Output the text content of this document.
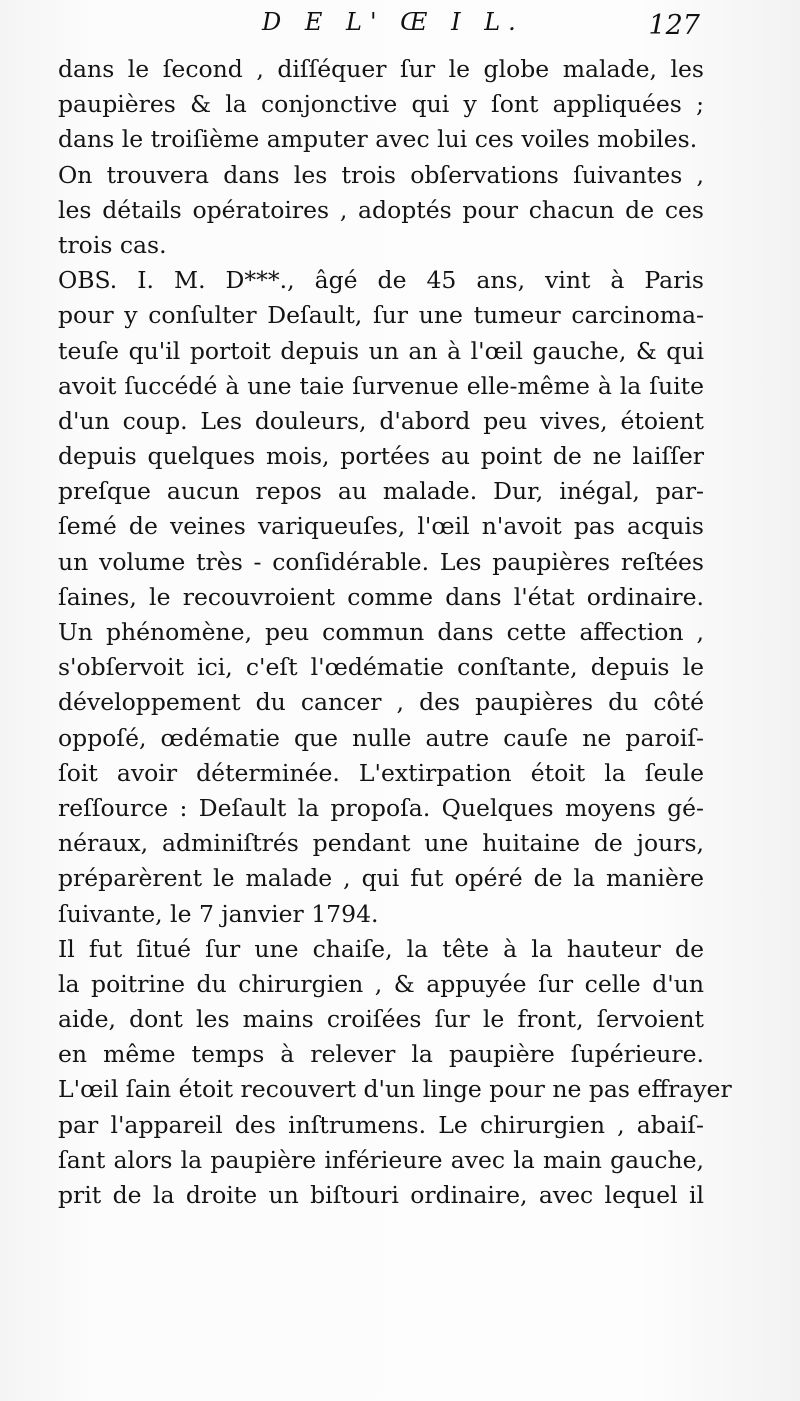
D E L' Œ I L.	127
dans le ſecond , diſſéquer ſur le globe malade, les
paupières & la conjonctive qui y ſont appliquées ;
dans le troiſième amputer avec lui ces voiles mobiles.
On trouvera dans les trois obſervations ſuivantes ,
les détails opératoires , adoptés pour chacun de ces
trois cas.
OBS. I. M. D***., âgé de 45 ans, vint à Paris
pour y conſulter Deſault, ſur une tumeur carcinoma-
teuſe qu'il portoit depuis un an à l'œil gauche, & qui
avoit ſuccédé à une taie ſurvenue elle-même à la ſuite
d'un coup. Les douleurs, d'abord peu vives, étoient
depuis quelques mois, portées au point de ne laiſſer
preſque aucun repos au malade. Dur, inégal, par-
ſemé de veines variqueuſes, l'œil n'avoit pas acquis
un volume très - conſidérable. Les paupières reſtées
ſaines, le recouvroient comme dans l'état ordinaire.
Un phénomène, peu commun dans cette affection ,
s'obſervoit ici, c'eſt l'œdématie conſtante, depuis le
développement du cancer , des paupières du côté
oppoſé, œdématie que nulle autre cauſe ne paroiſ-
ſoit avoir déterminée. L'extirpation étoit la ſeule
reſſource : Deſault la propoſa. Quelques moyens gé-
néraux, adminiſtrés pendant une huitaine de jours,
préparèrent le malade , qui fut opéré de la manière
ſuivante, le 7 janvier 1794.
Il fut ſitué ſur une chaiſe, la tête à la hauteur de
la poitrine du chirurgien , & appuyée ſur celle d'un
aide, dont les mains croiſées ſur le front, ſervoient
en même temps à relever la paupière ſupérieure.
L'œil ſain étoit recouvert d'un linge pour ne pas effrayer
par l'appareil des inſtrumens. Le chirurgien , abaiſ-
ſant alors la paupière inférieure avec la main gauche,
prit de la droite un biſtouri ordinaire, avec lequel il
